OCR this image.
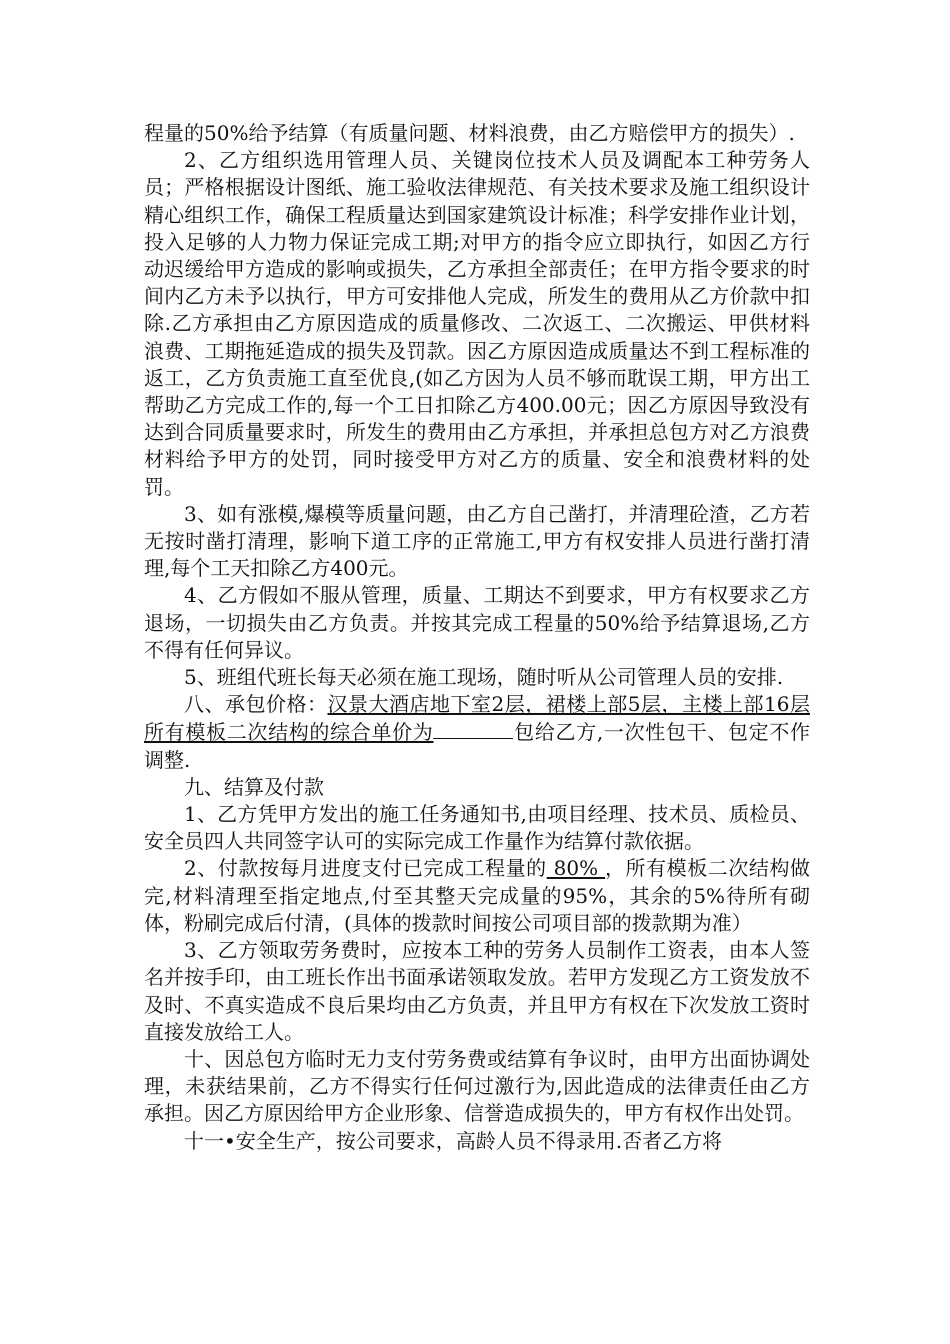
程量的50%给予结算（有质量问题、材料浪费，由乙方赔偿甲方的损失）.

2、乙方组织选用管理人员、关键岗位技术人员及调配本工种劳务人员；严格根据设计图纸、施工验收法律规范、有关技术要求及施工组织设计精心组织工作，确保工程质量达到国家建筑设计标准；科学安排作业计划，投入足够的人力物力保证完成工期;对甲方的指令应立即执行，如因乙方行动迟缓给甲方造成的影响或损失，乙方承担全部责任；在甲方指令要求的时间内乙方未予以执行，甲方可安排他人完成，所发生的费用从乙方价款中扣除.乙方承担由乙方原因造成的质量修改、二次返工、二次搬运、甲供材料浪费、工期拖延造成的损失及罚款。因乙方原因造成质量达不到工程标准的返工，乙方负责施工直至优良,(如乙方因为人员不够而耽误工期，甲方出工帮助乙方完成工作的,每一个工日扣除乙方400.00元；因乙方原因导致没有达到合同质量要求时，所发生的费用由乙方承担，并承担总包方对乙方浪费材料给予甲方的处罚，同时接受甲方对乙方的质量、安全和浪费材料的处罚。

3、如有涨模,爆模等质量问题，由乙方自己凿打，并清理砼渣，乙方若无按时凿打清理，影响下道工序的正常施工,甲方有权安排人员进行凿打清理,每个工天扣除乙方400元。

4、乙方假如不服从管理，质量、工期达不到要求，甲方有权要求乙方退场，一切损失由乙方负责。并按其完成工程量的50%给予结算退场,乙方不得有任何异议。

5、班组代班长每天必须在施工现场，随时听从公司管理人员的安排.

八、承包价格：汉景大酒店地下室2层，裙楼上部5层，主楼上部16层所有模板二次结构的综合单价为	包给乙方,一次性包干、包定不作调整.

九、结算及付款

1、乙方凭甲方发出的施工任务通知书,由项目经理、技术员、质检员、安全员四人共同签字认可的实际完成工作量作为结算付款依据。

2、付款按每月进度支付已完成工程量的 80% ，所有模板二次结构做完,材料清理至指定地点,付至其整天完成量的95%，其余的5%待所有砌体，粉刷完成后付清，(具体的拨款时间按公司项目部的拨款期为准）

3、乙方领取劳务费时，应按本工种的劳务人员制作工资表，由本人签名并按手印，由工班长作出书面承诺领取发放。若甲方发现乙方工资发放不及时、不真实造成不良后果均由乙方负责，并且甲方有权在下次发放工资时直接发放给工人。

十、因总包方临时无力支付劳务费或结算有争议时，由甲方出面协调处理，未获结果前，乙方不得实行任何过激行为,因此造成的法律责任由乙方承担。因乙方原因给甲方企业形象、信誉造成损失的，甲方有权作出处罚。

十一•安全生产，按公司要求，高龄人员不得录用.否者乙方将
